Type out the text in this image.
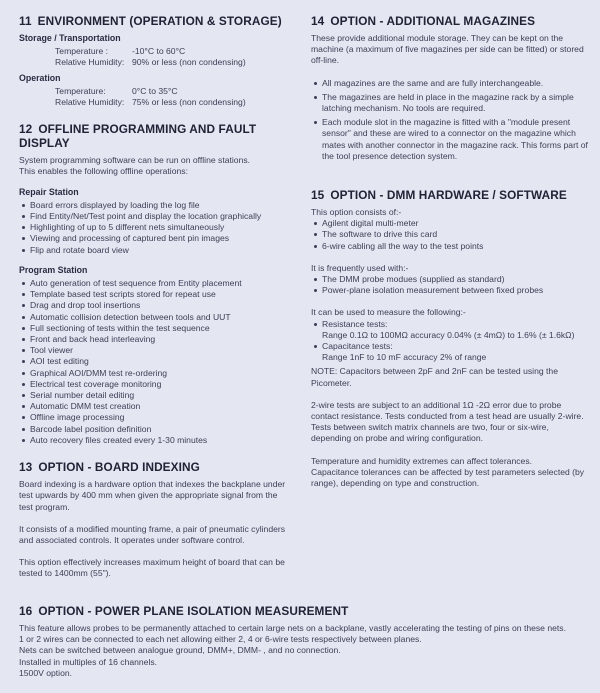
11 ENVIRONMENT (OPERATION & STORAGE)
Storage / Transportation
Temperature :	-10°C to 60°C
Relative Humidity: 90% or less (non condensing)
Operation
Temperature:	0°C to 35°C
Relative Humidity: 75% or less (non condensing)
12 OFFLINE PROGRAMMING AND FAULT DISPLAY

System programming software can be run on offline stations.

This enables the following offline operations:

Repair Station
Board errors displayed by loading the log file
Find Entity/Net/Test point and display the location graphically
Highlighting of up to 5 different nets simultaneously
Viewing and processing of captured bent pin images
Flip and rotate board view
Program Station
Auto generation of test sequence from Entity placement
Template based test scripts stored for repeat use
Drag and drop tool insertions
Automatic collision detection between tools and UUT
Full sectioning of tests within the test sequence
Front and back head interleaving
Tool viewer
AOI test editing
Graphical AOI/DMM test re-ordering
Electrical test coverage monitoring
Serial number detail editing
Automatic DMM test creation
Offline image processing
Barcode label position definition
Auto recovery files created every 1-30 minutes
13 OPTION - BOARD INDEXING

Board indexing is a hardware option that indexes the backplane under test upwards by 400 mm when given the appropriate signal from the test program.

It consists of a modified mounting frame, a pair of pneumatic cylinders and associated controls. It operates under software control.

This option effectively increases maximum height of board that can be tested to 1400mm (55").

14 OPTION - ADDITIONAL MAGAZINES

These provide additional module storage. They can be kept on the machine (a maximum of five magazines per side can be fitted) or stored off-line.

All magazines are the same and are fully interchangeable.
The magazines are held in place in the magazine rack by a simple latching mechanism. No tools are required.
Each module slot in the magazine is fitted with a "module present sensor" and these are wired to a connector on the magazine which mates with another connector in the magazine rack. This forms part of the tool presence detection system.
15 OPTION - DMM HARDWARE / SOFTWARE

This option consists of:-

Agilent digital multi-meter
The software to drive this card
6-wire cabling all the way to the test points

It is frequently used with:-

The DMM probe modues (supplied as standard)
Power-plane isolation measurement between fixed probes

It can be used to measure the following:-

Resistance tests:

Range 0.1Ω to 100MΩ accuracy 0.04% (± 4mΩ) to 1.6% (± 1.6kΩ)

Capacitance tests:

Range 1nF to 10 mF accuracy 2% of range

NOTE: Capacitors between 2pF and 2nF can be tested using the Picometer.

2-wire tests are subject to an additional 1Ω -2Ω error due to probe contact resistance. Tests conducted from a test head are usually 2-wire. Tests between switch matrix channels are two, four or six-wire, depending on probe and wiring configuration.

Temperature and humidity extremes can affect tolerances.

Capacitance tolerances can be affected by test parameters selected (by range), depending on type and construction.

16 OPTION - POWER PLANE ISOLATION MEASUREMENT

This feature allows probes to be permanently attached to certain large nets on a backplane, vastly accelerating the testing of pins on these nets.

1 or 2 wires can be connected to each net allowing either 2, 4 or 6-wire tests respectively between planes.

Nets can be switched between analogue ground, DMM+, DMM- , and no connection.

Installed in multiples of 16 channels.

1500V option.
